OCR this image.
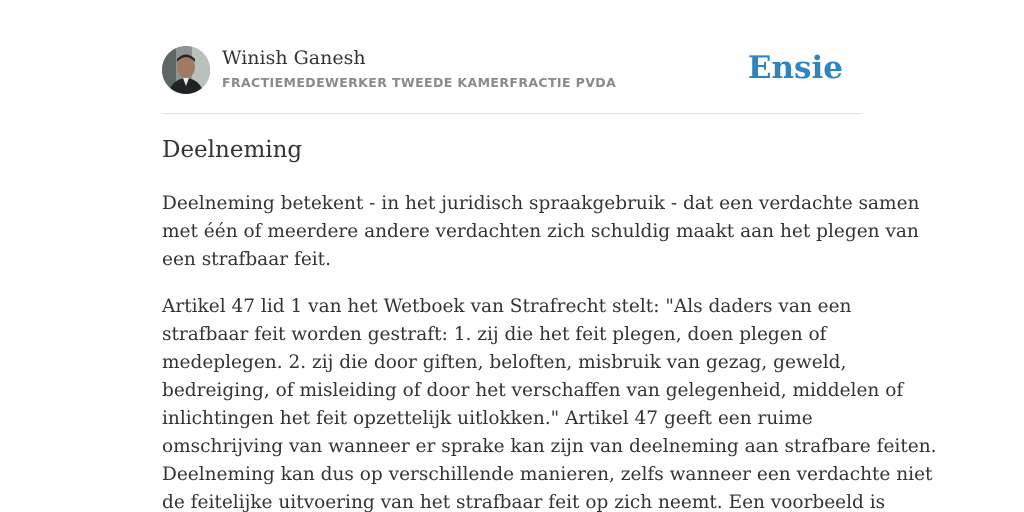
Winish Ganesh
FRACTIEMEDEWERKER TWEEDE KAMERFRACTIE PVDA	Ensie
Deelneming

Deelneming betekent - in het juridisch spraakgebruik - dat een verdachte samen
met één of meerdere andere verdachten zich schuldig maakt aan het plegen van
een strafbaar feit.

Artikel 47 lid 1 van het Wetboek van Strafrecht stelt: "Als daders van een
strafbaar feit worden gestraft: 1. zij die het feit plegen, doen plegen of
medeplegen. 2. zij die door giften, beloften, misbruik van gezag, geweld,
bedreiging, of misleiding of door het verschaffen van gelegenheid, middelen of
inlichtingen het feit opzettelijk uitlokken." Artikel 47 geeft een ruime
omschrijving van wanneer er sprake kan zijn van deelneming aan strafbare feiten.
Deelneming kan dus op verschillende manieren, zelfs wanneer een verdachte niet
de feitelijke uitvoering van het strafbaar feit op zich neemt. Een voorbeeld is
